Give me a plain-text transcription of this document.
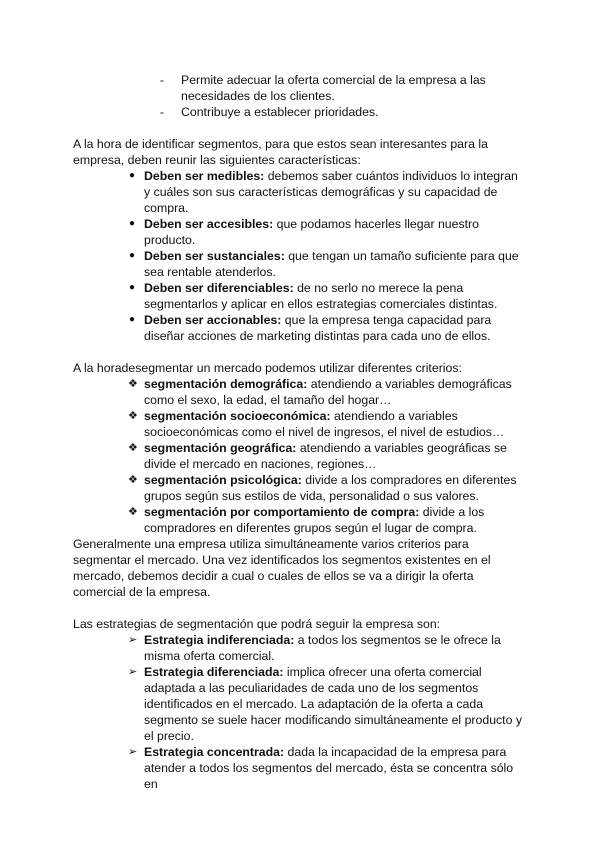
- Permite adecuar la oferta comercial de la empresa a las necesidades de los clientes.
- Contribuye a establecer prioridades.

A la hora de identificar segmentos, para que estos sean interesantes para la empresa, deben reunir las siguientes características:

● Deben ser medibles: debemos saber cuántos individuos lo integran y cuáles son sus características demográficas y su capacidad de compra.
● Deben ser accesibles: que podamos hacerles llegar nuestro producto.
● Deben ser sustanciales: que tengan un tamaño suficiente para que sea rentable atenderlos.
● Deben ser diferenciables: de no serlo no merece la pena segmentarlos y aplicar en ellos estrategias comerciales distintas.
● Deben ser accionables: que la empresa tenga capacidad para diseñar acciones de marketing distintas para cada uno de ellos.

A la horadesegmentar un mercado podemos utilizar diferentes criterios:

❖ segmentación demográfica: atendiendo a variables demográficas como el sexo, la edad, el tamaño del hogar…
❖ segmentación socioeconómica: atendiendo a variables socioeconómicas como el nivel de ingresos, el nivel de estudios…
❖ segmentación geográfica: atendiendo a variables geográficas se divide el mercado en naciones, regiones…
❖ segmentación psicológica: divide a los compradores en diferentes grupos según sus estilos de vida, personalidad o sus valores.
❖ segmentación por comportamiento de compra: divide a los compradores en diferentes grupos según el lugar de compra.

Generalmente una empresa utiliza simultáneamente varios criterios para segmentar el mercado. Una vez identificados los segmentos existentes en el mercado, debemos decidir a cual o cuales de ellos se va a dirigir la oferta comercial de la empresa.

Las estrategias de segmentación que podrá seguir la empresa son:

➢ Estrategia indiferenciada: a todos los segmentos se le ofrece la misma oferta comercial.
➢ Estrategia diferenciada: implica ofrecer una oferta comercial adaptada a las peculiaridades de cada uno de los segmentos identificados en el mercado. La adaptación de la oferta a cada segmento se suele hacer modificando simultáneamente el producto y el precio.
➢ Estrategia concentrada: dada la incapacidad de la empresa para atender a todos los segmentos del mercado, ésta se concentra sólo en
